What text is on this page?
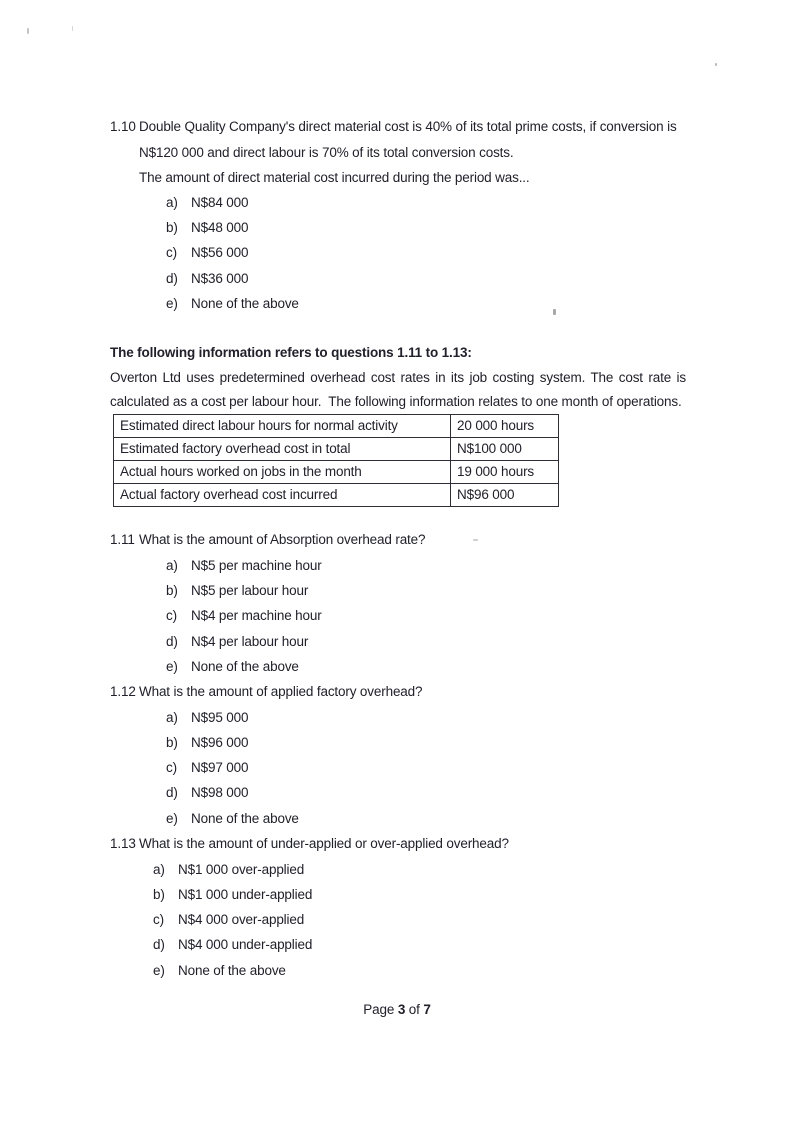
1.10 Double Quality Company's direct material cost is 40% of its total prime costs, if conversion is
N$120 000 and direct labour is 70% of its total conversion costs.
The amount of direct material cost incurred during the period was...
a) N$84 000
b) N$48 000
c) N$56 000
d) N$36 000
e) None of the above
The following information refers to questions 1.11 to 1.13:
Overton Ltd uses predetermined overhead cost rates in its job costing system. The cost rate is
calculated as a cost per labour hour.  The following information relates to one month of operations.
Estimated direct labour hours for normal activity	20 000 hours
Estimated factory overhead cost in total	N$100 000
Actual hours worked on jobs in the month	19 000 hours
Actual factory overhead cost incurred	N$96 000
1.11 What is the amount of Absorption overhead rate?
a) N$5 per machine hour
b) N$5 per labour hour
c) N$4 per machine hour
d) N$4 per labour hour
e) None of the above
1.12 What is the amount of applied factory overhead?
a) N$95 000
b) N$96 000
c) N$97 000
d) N$98 000
e) None of the above
1.13 What is the amount of under-applied or over-applied overhead?
a) N$1 000 over-applied
b) N$1 000 under-applied
c) N$4 000 over-applied
d) N$4 000 under-applied
e) None of the above
Page 3 of 7
